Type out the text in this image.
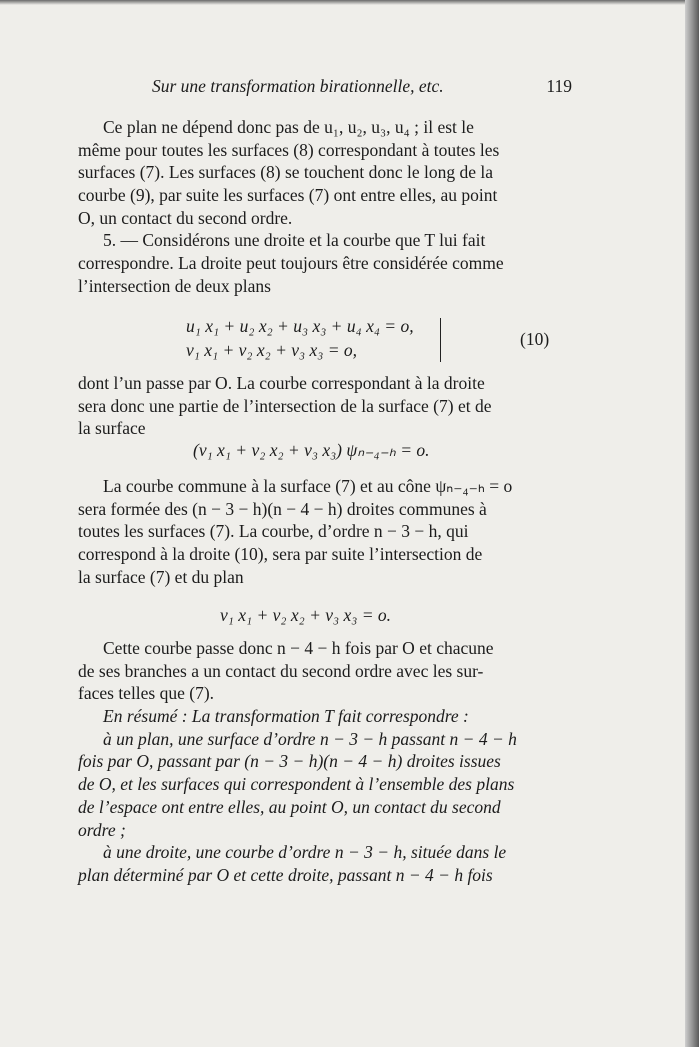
Sur une transformation birationnelle, etc.	119
Ce plan ne dépend donc pas de u₁, u₂, u₃, u₄ ; il est le
même pour toutes les surfaces (8) correspondant à toutes les
surfaces (7). Les surfaces (8) se touchent donc le long de la
courbe (9), par suite les surfaces (7) ont entre elles, au point
O, un contact du second ordre.
5. — Considérons une droite et la courbe que T lui fait
correspondre. La droite peut toujours être considérée comme
l’intersection de deux plans
u₁ x₁ + u₂ x₂ + u₃ x₃ + u₄ x₄ = o,
v₁ x₁ + v₂ x₂ + v₃ x₃ = o,
(10)
dont l’un passe par O. La courbe correspondant à la droite
sera donc une partie de l’intersection de la surface (7) et de
la surface
(v₁ x₁ + v₂ x₂ + v₃ x₃) ψₙ₋₄₋ₕ = o.
La courbe commune à la surface (7) et au cône ψₙ₋₄₋ₕ = o
sera formée des (n − 3 − h)(n − 4 − h) droites communes à
toutes les surfaces (7). La courbe, d’ordre n − 3 − h, qui
correspond à la droite (10), sera par suite l’intersection de
la surface (7) et du plan
v₁ x₁ + v₂ x₂ + v₃ x₃ = o.
Cette courbe passe donc n − 4 − h fois par O et chacune
de ses branches a un contact du second ordre avec les sur-
faces telles que (7).
En résumé : La transformation T fait correspondre :
à un plan, une surface d’ordre n − 3 − h passant n − 4 − h
fois par O, passant par (n − 3 − h)(n − 4 − h) droites issues
de O, et les surfaces qui correspondent à l’ensemble des plans
de l’espace ont entre elles, au point O, un contact du second
ordre ;
à une droite, une courbe d’ordre n − 3 − h, située dans le
plan déterminé par O et cette droite, passant n − 4 − h fois
